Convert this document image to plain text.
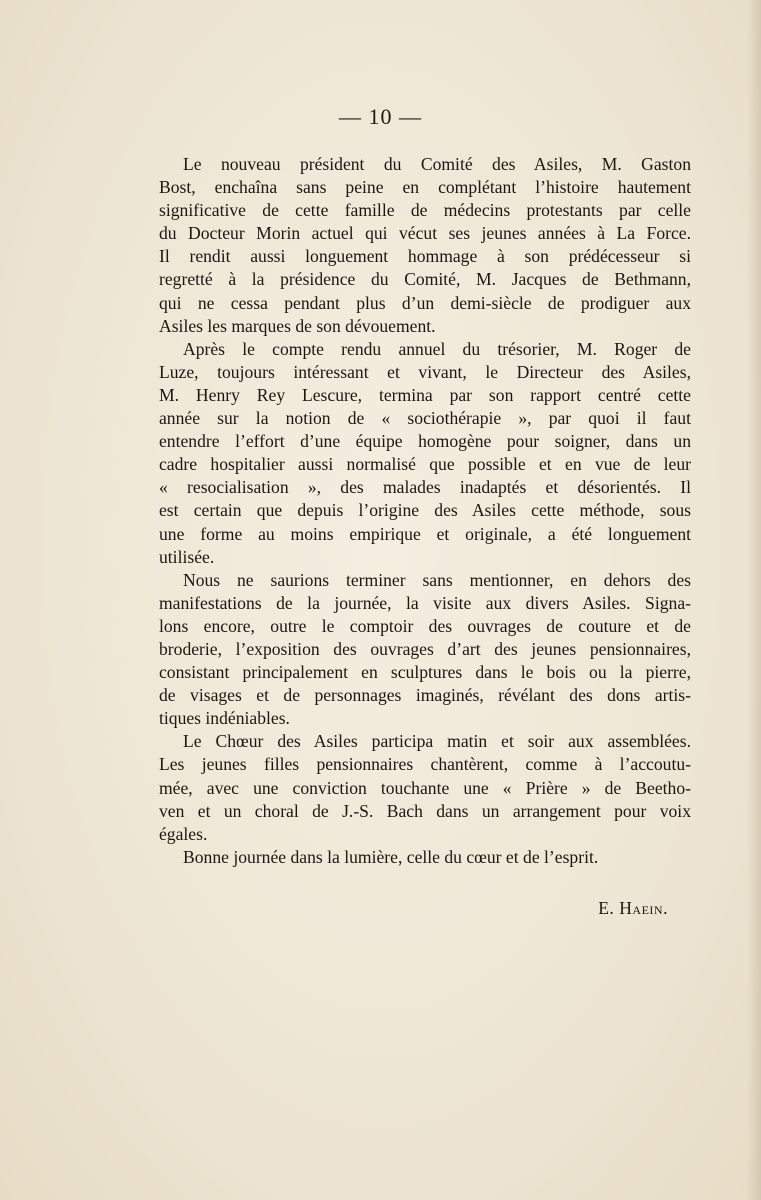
— 10 —
Le nouveau président du Comité des Asiles, M. Gaston
Bost, enchaîna sans peine en complétant l’histoire hautement
significative de cette famille de médecins protestants par celle
du Docteur Morin actuel qui vécut ses jeunes années à La Force.
Il rendit aussi longuement hommage à son prédécesseur si
regretté à la présidence du Comité, M. Jacques de Bethmann,
qui ne cessa pendant plus d’un demi-siècle de prodiguer aux
Asiles les marques de son dévouement.
Après le compte rendu annuel du trésorier, M. Roger de
Luze, toujours intéressant et vivant, le Directeur des Asiles,
M. Henry Rey Lescure, termina par son rapport centré cette
année sur la notion de « sociothérapie », par quoi il faut
entendre l’effort d’une équipe homogène pour soigner, dans un
cadre hospitalier aussi normalisé que possible et en vue de leur
« resocialisation », des malades inadaptés et désorientés. Il
est certain que depuis l’origine des Asiles cette méthode, sous
une forme au moins empirique et originale, a été longuement
utilisée.
Nous ne saurions terminer sans mentionner, en dehors des
manifestations de la journée, la visite aux divers Asiles. Signa-
lons encore, outre le comptoir des ouvrages de couture et de
broderie, l’exposition des ouvrages d’art des jeunes pensionnaires,
consistant principalement en sculptures dans le bois ou la pierre,
de visages et de personnages imaginés, révélant des dons artis-
tiques indéniables.
Le Chœur des Asiles participa matin et soir aux assemblées.
Les jeunes filles pensionnaires chantèrent, comme à l’accoutu-
mée, avec une conviction touchante une « Prière » de Beetho-
ven et un choral de J.-S. Bach dans un arrangement pour voix
égales.
Bonne journée dans la lumière, celle du cœur et de l’esprit.
E. Haein.
